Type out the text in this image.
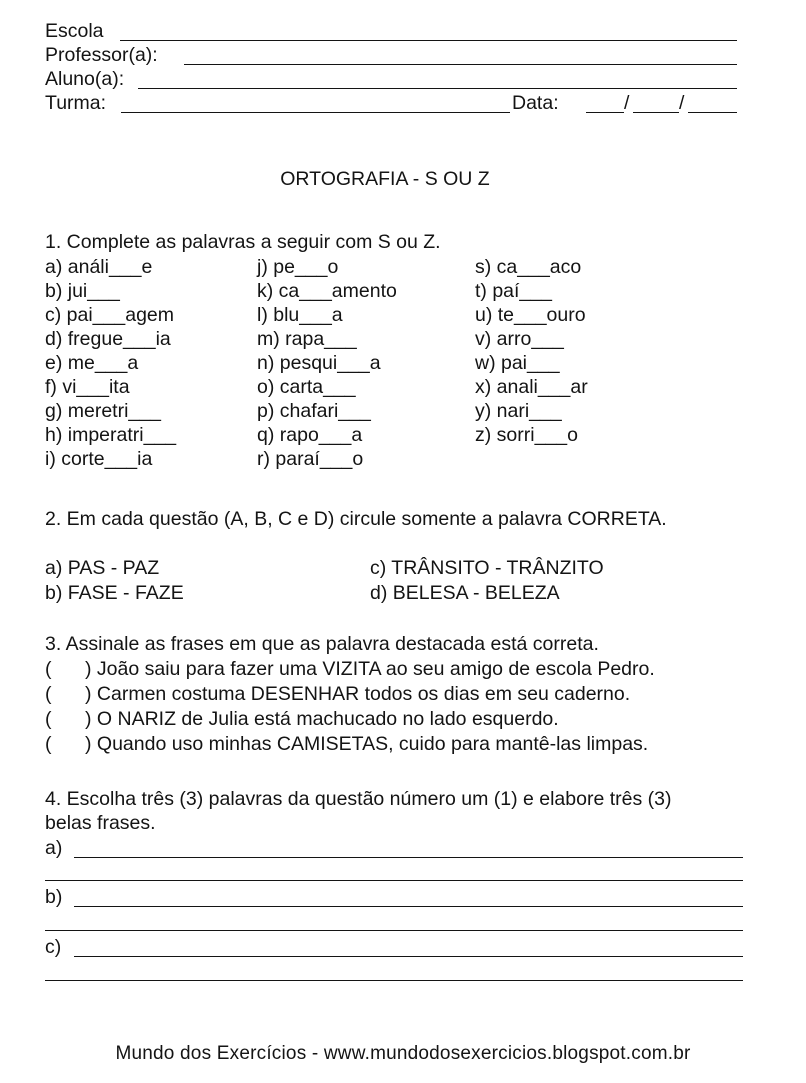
Escola
Professor(a):
Aluno(a):
Turma:	Data:	/	/
ORTOGRAFIA - S OU Z
1. Complete as palavras a seguir com S ou Z.
a) análi___e
b) jui___
c) pai___agem
d) fregue___ia
e) me___a
f) vi___ita
g) meretri___
h) imperatri___
i) corte___ia
j) pe___o
k) ca___amento
l) blu___a
m) rapa___
n) pesqui___a
o) carta___
p) chafari___
q) rapo___a
r) paraí___o
s) ca___aco
t) paí___
u) te___ouro
v) arro___
w) pai___
x) anali___ar
y) nari___
z) sorri___o
2. Em cada questão (A, B, C e D) circule somente a palavra CORRETA.
a) PAS - PAZ
b) FASE - FAZE
c) TRÂNSITO - TRÂNZITO
d) BELESA - BELEZA
3. Assinale as frases em que as palavra destacada está correta.
( ) João saiu para fazer uma VIZITA ao seu amigo de escola Pedro.
( ) Carmen costuma DESENHAR todos os dias em seu caderno.
( ) O NARIZ de Julia está machucado no lado esquerdo.
( ) Quando uso minhas CAMISETAS, cuido para mantê-las limpas.
4. Escolha três (3) palavras da questão número um (1) e elabore três (3)
belas frases.
a)
b)
c)
Mundo dos Exercícios - www.mundodosexercicios.blogspot.com.br
